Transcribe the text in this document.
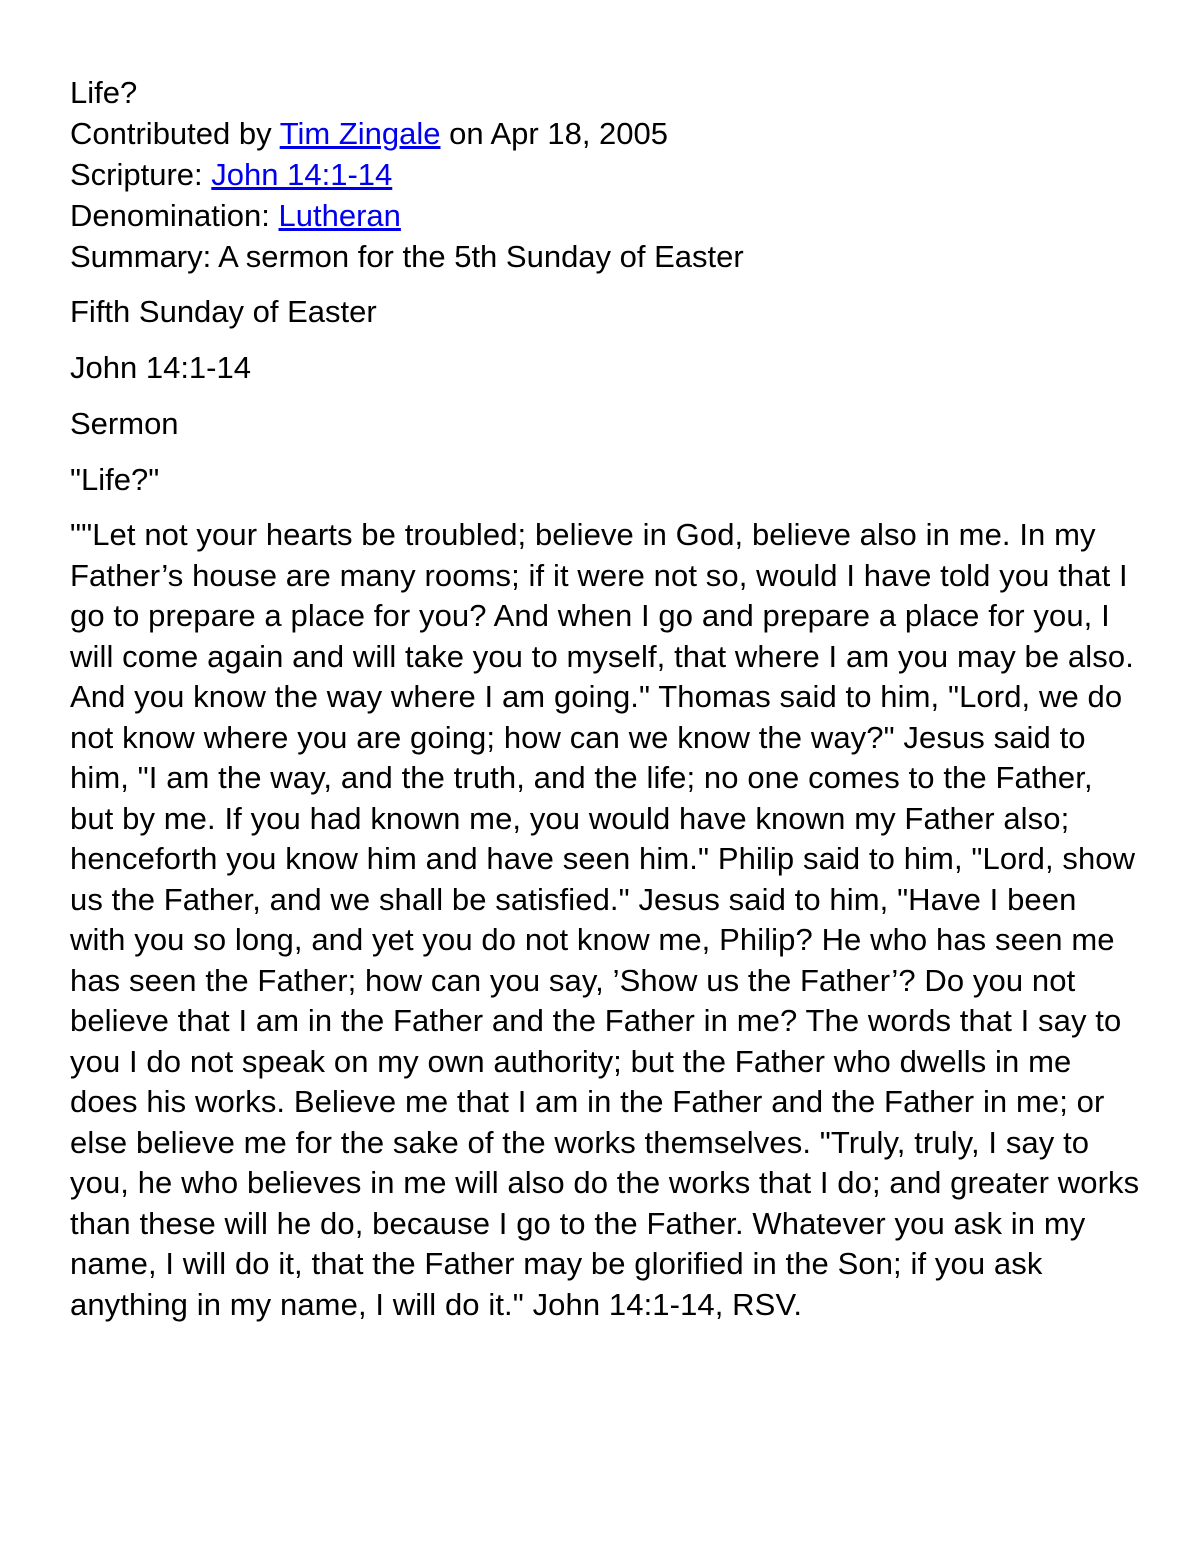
Life?
Contributed by Tim Zingale on Apr 18, 2005
Scripture: John 14:1-14
Denomination: Lutheran
Summary: A sermon for the 5th Sunday of Easter
Fifth Sunday of Easter
John 14:1-14
Sermon
"Life?"
""Let not your hearts be troubled; believe in God, believe also in me. In my Father’s house are many rooms; if it were not so, would I have told you that I go to prepare a place for you? And when I go and prepare a place for you, I will come again and will take you to myself, that where I am you may be also. And you know the way where I am going." Thomas said to him, "Lord, we do not know where you are going; how can we know the way?" Jesus said to him, "I am the way, and the truth, and the life; no one comes to the Father, but by me. If you had known me, you would have known my Father also; henceforth you know him and have seen him." Philip said to him, "Lord, show us the Father, and we shall be satisfied." Jesus said to him, "Have I been with you so long, and yet you do not know me, Philip? He who has seen me has seen the Father; how can you say, ’Show us the Father’? Do you not believe that I am in the Father and the Father in me? The words that I say to you I do not speak on my own authority; but the Father who dwells in me does his works. Believe me that I am in the Father and the Father in me; or else believe me for the sake of the works themselves. "Truly, truly, I say to you, he who believes in me will also do the works that I do; and greater works than these will he do, because I go to the Father. Whatever you ask in my name, I will do it, that the Father may be glorified in the Son; if you ask anything in my name, I will do it." John 14:1-14, RSV.
